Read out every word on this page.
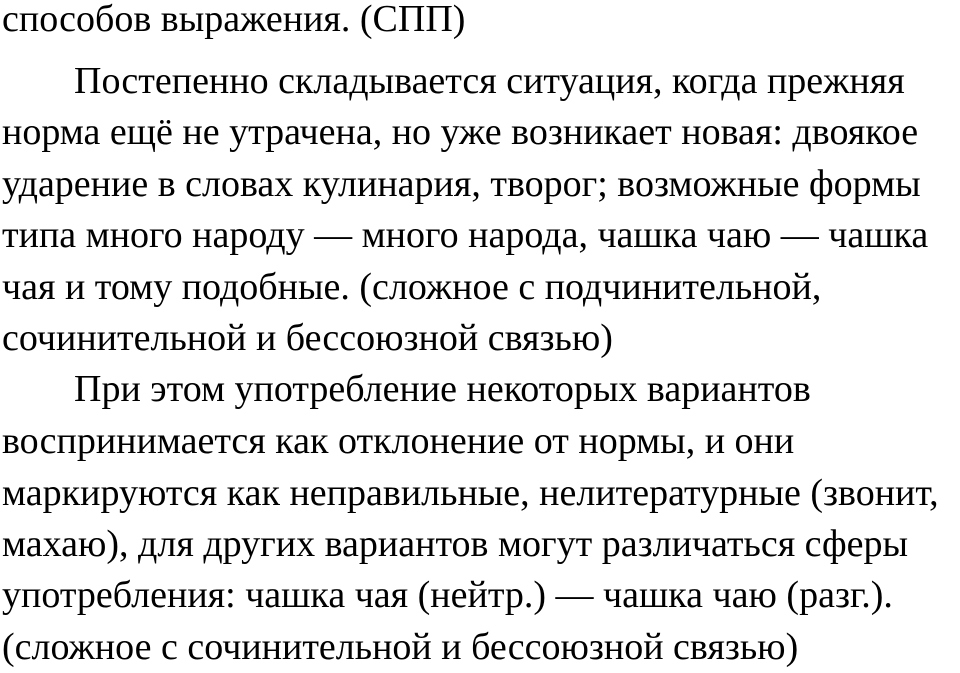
способов выражения. (СПП)
Постепенно складывается ситуация, когда прежняя
норма ещё не утрачена, но уже возникает новая: двоякое
ударение в словах кулинария, творог; возможные формы
типа много народу — много народа, чашка чаю — чашка
чая и тому подобные. (сложное с подчинительной,
сочинительной и бессоюзной связью)
При этом употребление некоторых вариантов
воспринимается как отклонение от нормы, и они
маркируются как неправильные, нелитературные (звонит,
махаю), для других вариантов могут различаться сферы
употребления: чашка чая (нейтр.) — чашка чаю (разг.).
(сложное с сочинительной и бессоюзной связью)
